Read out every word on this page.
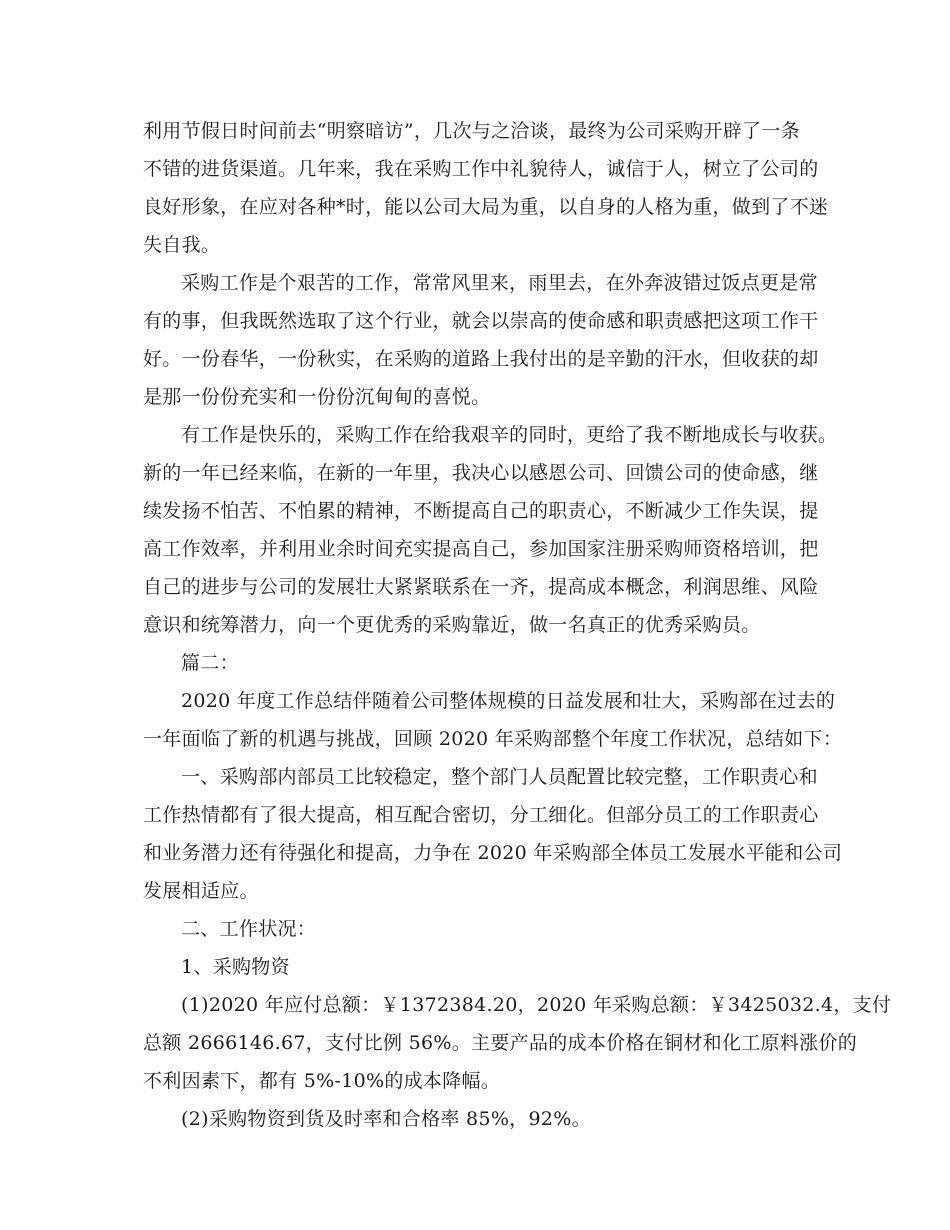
利用节假日时间前去“明察暗访”，几次与之洽谈，最终为公司采购开辟了一条
不错的进货渠道。几年来，我在采购工作中礼貌待人，诚信于人，树立了公司的
良好形象，在应对各种*时，能以公司大局为重，以自身的人格为重，做到了不迷
失自我。
采购工作是个艰苦的工作，常常风里来，雨里去，在外奔波错过饭点更是常
有的事，但我既然选取了这个行业，就会以崇高的使命感和职责感把这项工作干
好。一份春华，一份秋实，在采购的道路上我付出的是辛勤的汗水，但收获的却
是那一份份充实和一份份沉甸甸的喜悦。
有工作是快乐的，采购工作在给我艰辛的同时，更给了我不断地成长与收获。
新的一年已经来临，在新的一年里，我决心以感恩公司、回馈公司的使命感，继
续发扬不怕苦、不怕累的精神，不断提高自己的职责心，不断减少工作失误，提
高工作效率，并利用业余时间充实提高自己，参加国家注册采购师资格培训，把
自己的进步与公司的发展壮大紧紧联系在一齐，提高成本概念，利润思维、风险
意识和统筹潜力，向一个更优秀的采购靠近，做一名真正的优秀采购员。
篇二：
2020 年度工作总结伴随着公司整体规模的日益发展和壮大，采购部在过去的
一年面临了新的机遇与挑战，回顾 2020 年采购部整个年度工作状况，总结如下：
一、采购部内部员工比较稳定，整个部门人员配置比较完整，工作职责心和
工作热情都有了很大提高，相互配合密切，分工细化。但部分员工的工作职责心
和业务潜力还有待强化和提高，力争在 2020 年采购部全体员工发展水平能和公司
发展相适应。
二、工作状况：
1、采购物资
(1)2020 年应付总额：￥1372384.20，2020 年采购总额：￥3425032.4，支付
总额 2666146.67，支付比例 56%。主要产品的成本价格在铜材和化工原料涨价的
不利因素下，都有 5%-10%的成本降幅。
(2)采购物资到货及时率和合格率 85%，92%。
